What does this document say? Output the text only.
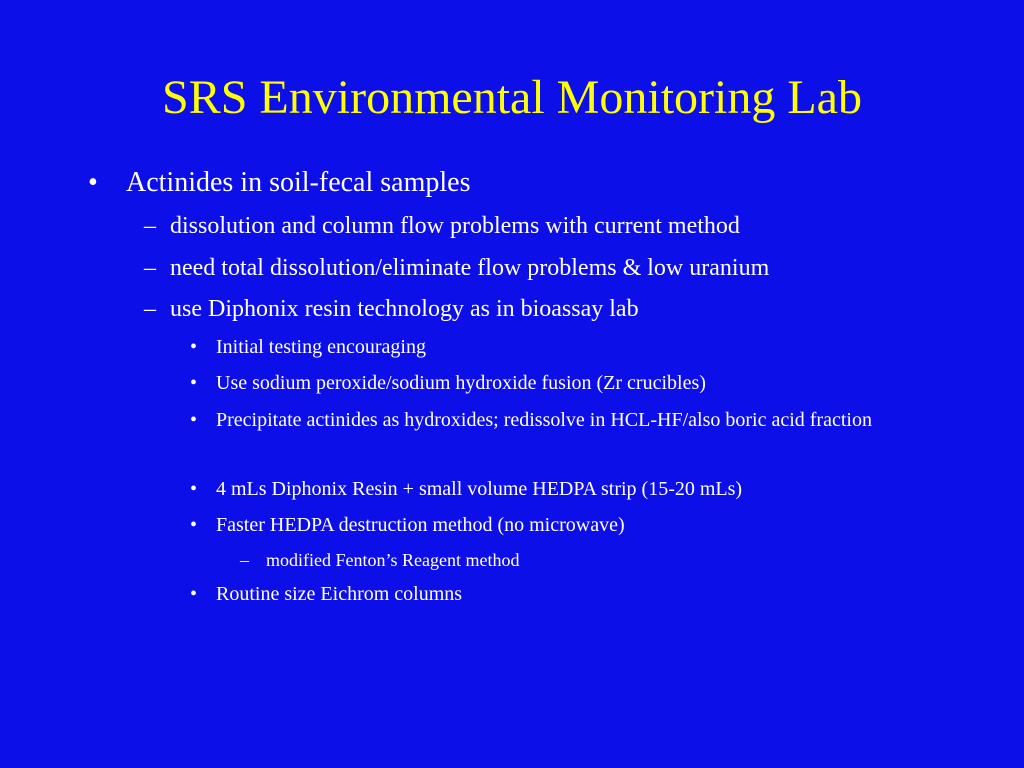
SRS Environmental Monitoring Lab
•	Actinides in soil-fecal samples
– dissolution and column flow problems with current method
– need total dissolution/eliminate flow problems & low uranium
– use Diphonix resin technology as in bioassay lab
• Initial testing encouraging
• Use sodium peroxide/sodium hydroxide fusion (Zr crucibles)
• Precipitate actinides as hydroxides; redissolve in HCL-HF/also boric acid fraction
• 4 mLs Diphonix Resin + small volume HEDPA strip (15-20 mLs)
• Faster HEDPA destruction method (no microwave)
– modified Fenton’s Reagent method
• Routine size Eichrom columns
